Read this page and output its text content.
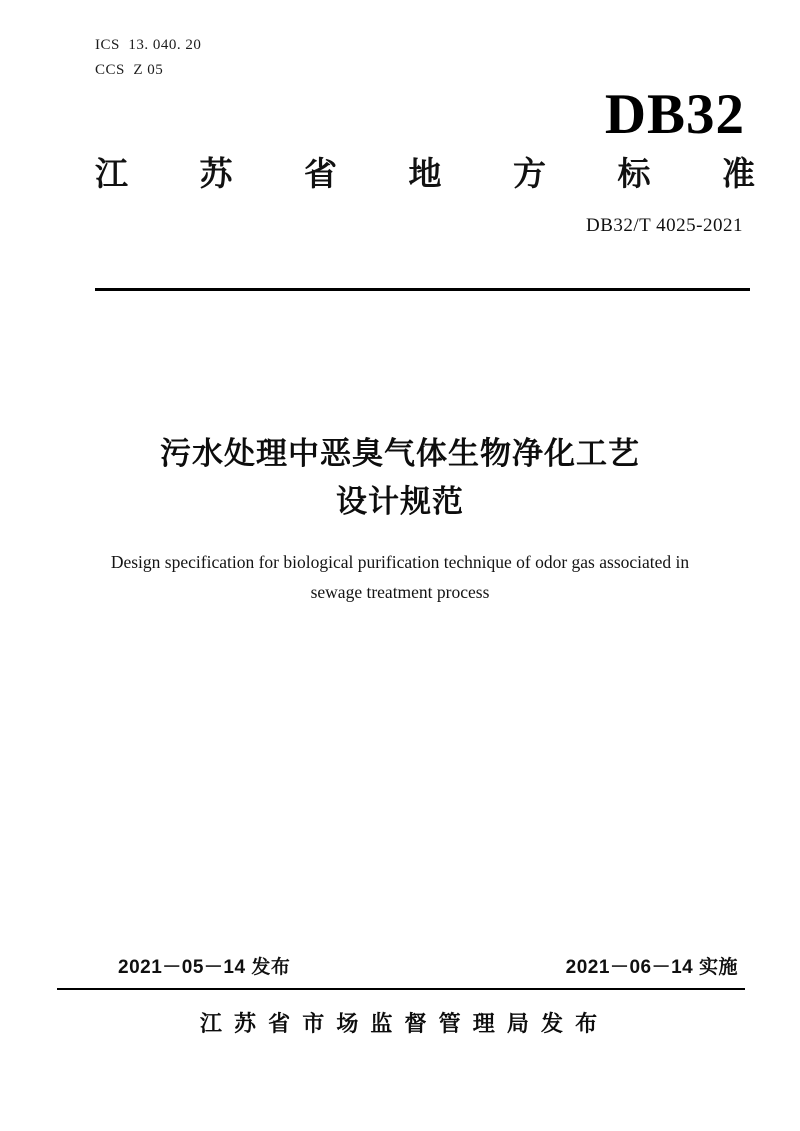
ICS  13. 040. 20
CCS  Z 05
DB32
江 苏 省 地 方 标 准
DB32/T 4025-2021
污水处理中恶臭气体生物净化工艺
设计规范
Design specification for biological purification technique of odor gas associated in
sewage treatment process
2021－05－14 发布	2021－06－14 实施
江 苏 省 市 场 监 督 管 理 局 发 布
